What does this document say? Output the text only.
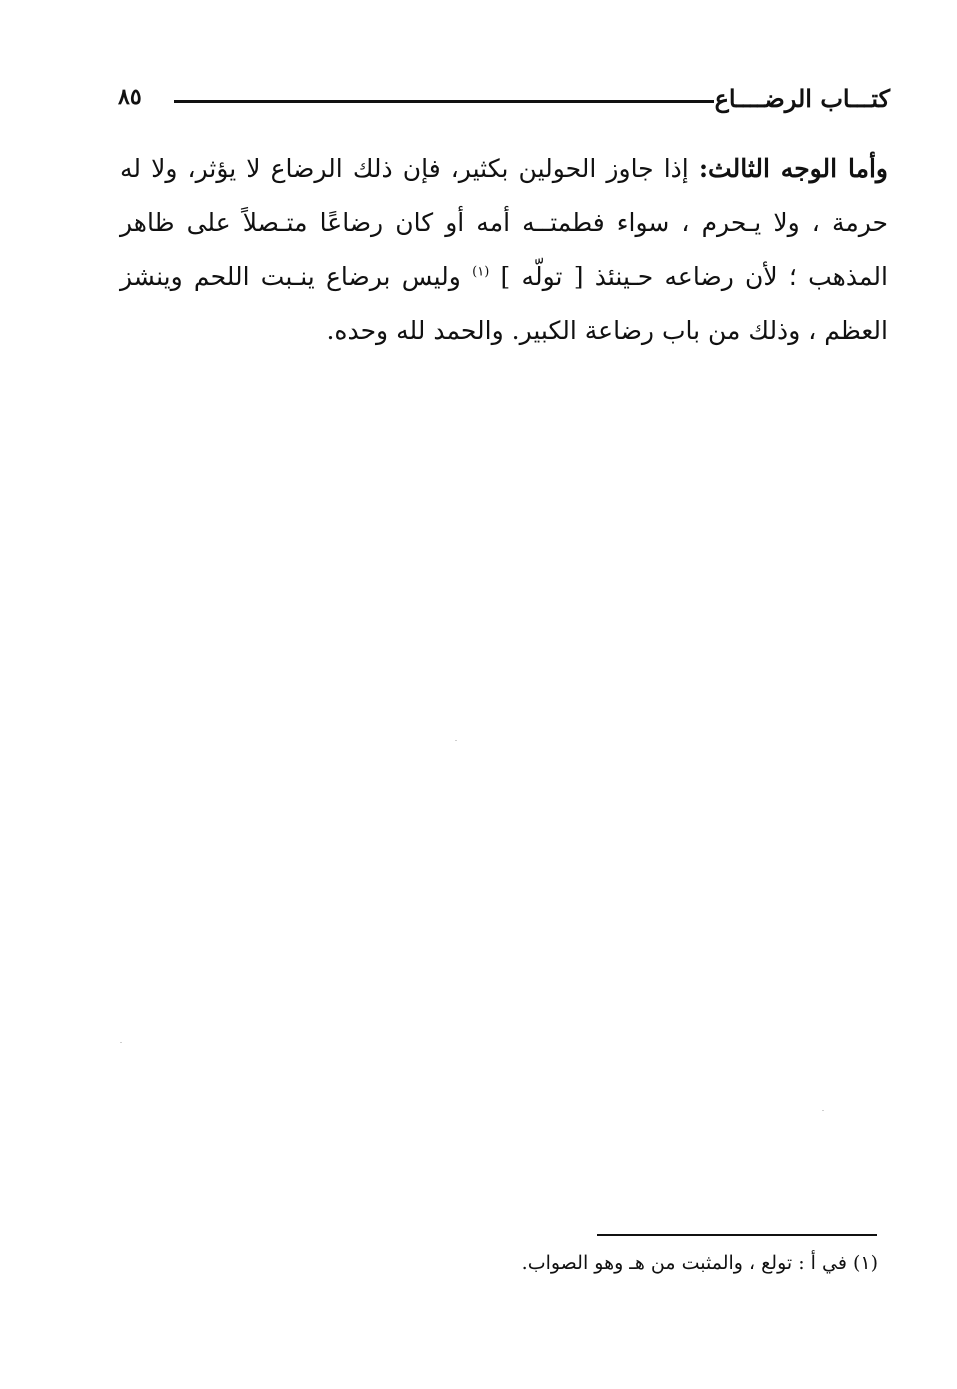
كتـــاب الرضــــاع
٨٥
وأما الوجه الثالث: إذا جاوز الحولين بكثير، فإن ذلك الرضاع لا يؤثر، ولا له حرمة ، ولا يـحرم ، سواء فطمتــه أمه أو كان رضاعًا متـصلاً على ظاهر المذهب ؛ لأن رضاعه حـينئذ [ تولّه ] $^{(١)}$ وليس برضاع ينـبت اللحم وينشز العظم ، وذلك من باب رضاعة الكبير. والحمد لله وحده.
(١) في أ : تولع ، والمثبت من هـ وهو الصواب.
